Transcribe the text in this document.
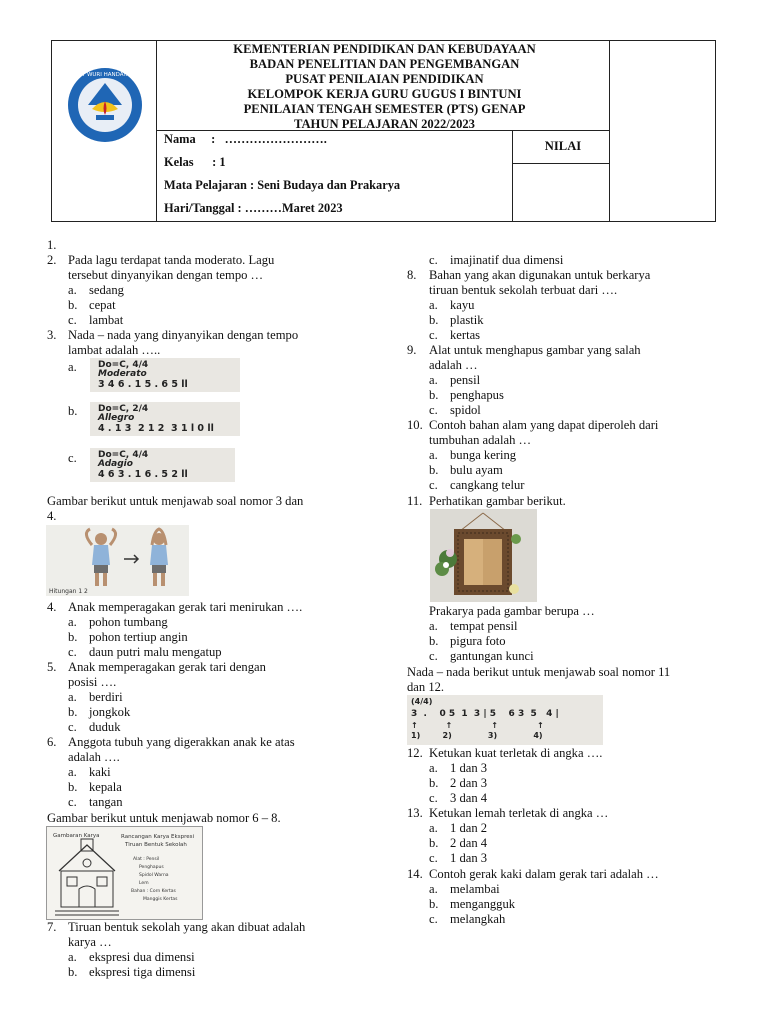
TUT WURI HANDAYANI
KEMENTERIAN PENDIDIKAN DAN KEBUDAYAAN
BADAN PENELITIAN DAN PENGEMBANGAN
PUSAT PENILAIAN PENDIDIKAN
KELOMPOK KERJA GURU GUGUS I BINTUNI
PENILAIAN TENGAH SEMESTER (PTS) GENAP
TAHUN PELAJARAN 2022/2023
Nama     :   …………………….
Kelas      : 1
Mata Pelajaran : Seni Budaya dan Prakarya
Hari/Tanggal : ………Maret 2023
NILAI
1.
2. Pada lagu terdapat tanda moderato. Lagu
tersebut dinyanyikan dengan tempo …
a. sedang
b. cepat
c. lambat
3. Nada – nada yang dinyanyikan dengan tempo
lambat adalah …..
a. Do=C, 4/4
Moderato
3 4 6 . 1 5 . 6 5 ll
b. Do=C, 2/4
Allegro
4 . 1 3  2 1 2  3 1 l 0 ll
c. Do=C, 4/4
Adagio
4 6 3 . 1 6 . 5 2 ll
Gambar berikut untuk menjawab soal nomor 3 dan
4.
Hitungan 1 2
4. Anak memperagakan gerak tari menirukan ….
a. pohon tumbang
b. pohon tertiup angin
c. daun putri malu mengatup
5. Anak memperagakan gerak tari dengan
posisi ….
a. berdiri
b. jongkok
c. duduk
6. Anggota tubuh yang digerakkan anak ke atas
adalah ….
a. kaki
b. kepala
c. tangan
Gambar berikut untuk menjawab nomor 6 – 8.
Gambaran Karya	Rancangan Karya Ekspresi
Tiruan Bentuk Sekolah
Alat : Pensil
Penghapus
Spidol Warna
Lem
Bahan : Corn Kertas
Manggis Kertas
7. Tiruan bentuk sekolah yang akan dibuat adalah
karya …
a. ekspresi dua dimensi
b. ekspresi tiga dimensi
c. imajinatif dua dimensi
8. Bahan yang akan digunakan untuk berkarya
tiruan bentuk sekolah terbuat dari ….
a. kayu
b. plastik
c. kertas
9. Alat untuk menghapus gambar yang salah
adalah …
a. pensil
b. penghapus
c. spidol
10. Contoh bahan alam yang dapat diperoleh dari
tumbuhan adalah …
a. bunga kering
b. bulu ayam
c. cangkang telur
11. Perhatikan gambar berikut.
Prakarya pada gambar berupa …
a. tempat pensil
b. pigura foto
c. gantungan kunci
Nada – nada berikut untuk menjawab soal nomor 11
dan 12.
(4/4)
3  .    0 5  1  3 | 5    6 3  5   4 |
↑          ↑              ↑              ↑
1)        2)             3)             4)
12. Ketukan kuat terletak di angka ….
a. 1 dan 3
b. 2 dan 3
c. 3 dan 4
13. Ketukan lemah terletak di angka …
a. 1 dan 2
b. 2 dan 4
c. 1 dan 3
14. Contoh gerak kaki dalam gerak tari adalah …
a. melambai
b. mengangguk
c. melangkah
